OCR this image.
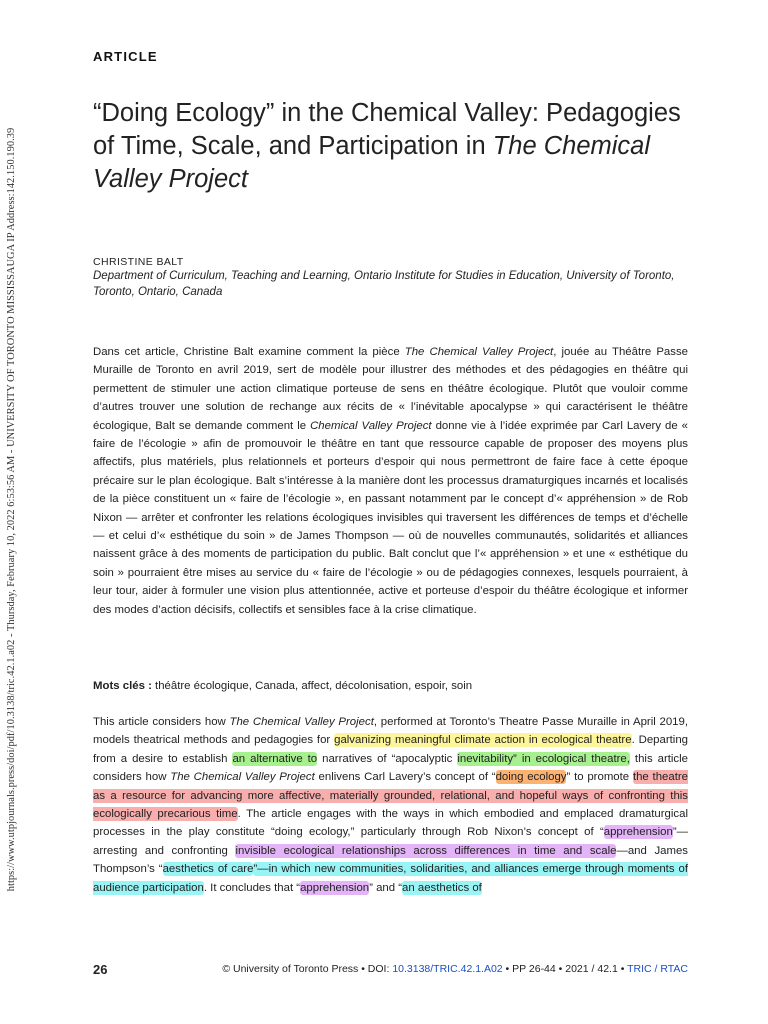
https://www.utpjournals.press/doi/pdf/10.3138/tric.42.1.a02 - Thursday, February 10, 2022 6:53:56 AM - UNIVERSITY OF TORONTO MISSISSAUGA IP Address:142.150.190.39
ARTICLE
“Doing Ecology” in the Chemical Valley: Pedagogies of Time, Scale, and Participation in The Chemical Valley Project
CHRISTINE BALT
Department of Curriculum, Teaching and Learning, Ontario Institute for Studies in Education, University of Toronto, Toronto, Ontario, Canada

Dans cet article, Christine Balt examine comment la pièce The Chemical Valley Project, jouée au Théâtre Passe Muraille de Toronto en avril 2019, sert de modèle pour illustrer des méthodes et des pédagogies en théâtre qui permettent de stimuler une action climatique porteuse de sens en théâtre écologique. Plutôt que vouloir comme d’autres trouver une solution de rechange aux récits de « l’inévitable apocalypse » qui caractérisent le théâtre écologique, Balt se demande comment le Chemical Valley Project donne vie à l’idée exprimée par Carl Lavery de « faire de l’écologie » afin de promouvoir le théâtre en tant que ressource capable de proposer des moyens plus affectifs, plus matériels, plus relationnels et porteurs d’espoir qui nous permettront de faire face à cette époque précaire sur le plan écologique. Balt s’intéresse à la manière dont les processus dramaturgiques incarnés et localisés de la pièce constituent un « faire de l’écologie », en passant notamment par le concept d’« appréhension » de Rob Nixon — arrêter et confronter les relations écologiques invisibles qui traversent les différences de temps et d’échelle — et celui d’« esthétique du soin » de James Thompson — où de nouvelles communautés, solidarités et alliances naissent grâce à des moments de participation du public. Balt conclut que l’« appréhension » et une « esthétique du soin » pourraient être mises au service du « faire de l’écologie » ou de pédagogies connexes, lesquels pourraient, à leur tour, aider à formuler une vision plus attentionnée, active et porteuse d’espoir du théâtre écologique et informer des modes d’action décisifs, collectifs et sensibles face à la crise climatique.

Mots clés : théâtre écologique, Canada, affect, décolonisation, espoir, soin

This article considers how The Chemical Valley Project, performed at Toronto’s Theatre Passe Muraille in April 2019, models theatrical methods and pedagogies for galvanizing meaningful climate action in ecological theatre. Departing from a desire to establish an alternative to narratives of “apocalyptic inevitability” in ecological theatre, this article considers how The Chemical Valley Project enlivens Carl Lavery’s concept of “doing ecology” to promote the theatre as a resource for advancing more affective, materially grounded, relational, and hopeful ways of confronting this ecologically precarious time. The article engages with the ways in which embodied and emplaced dramaturgical processes in the play constitute “doing ecology,” particularly through Rob Nixon’s concept of “apprehension”— arresting and confronting invisible ecological relationships across differences in time and scale—and James Thompson’s “aesthetics of care”—in which new communities, solidarities, and alliances emerge through moments of audience participation. It concludes that “apprehension” and “an aesthetics of

26	© University of Toronto Press • DOI: 10.3138/TRIC.42.1.A02 • PP 26-44 • 2021 / 42.1 • TRIC / RTAC
